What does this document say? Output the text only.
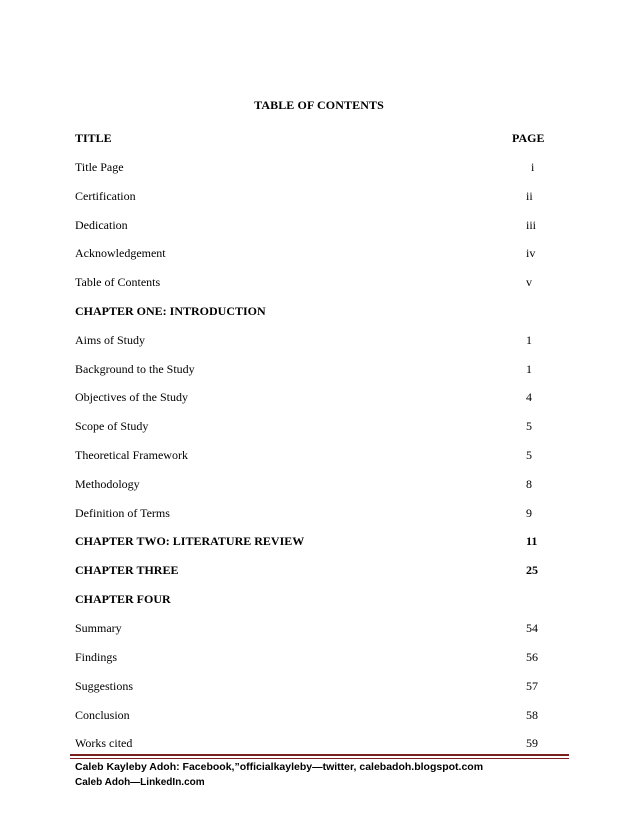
TABLE OF CONTENTS
TITLE	PAGE
Title Page	i
Certification	ii
Dedication	iii
Acknowledgement	iv
Table of Contents	v
CHAPTER ONE: INTRODUCTION
Aims of Study	1
Background to the Study	1
Objectives of the Study	4
Scope of Study	5
Theoretical Framework	5
Methodology	8
Definition of Terms	9
CHAPTER TWO: LITERATURE REVIEW	11
CHAPTER THREE	25
CHAPTER FOUR
Summary	54
Findings	56
Suggestions	57
Conclusion	58
Works cited	59
Caleb Kayleby Adoh: Facebook,”officialkayleby—twitter, calebadoh.blogspot.com
Caleb Adoh—LinkedIn.com
